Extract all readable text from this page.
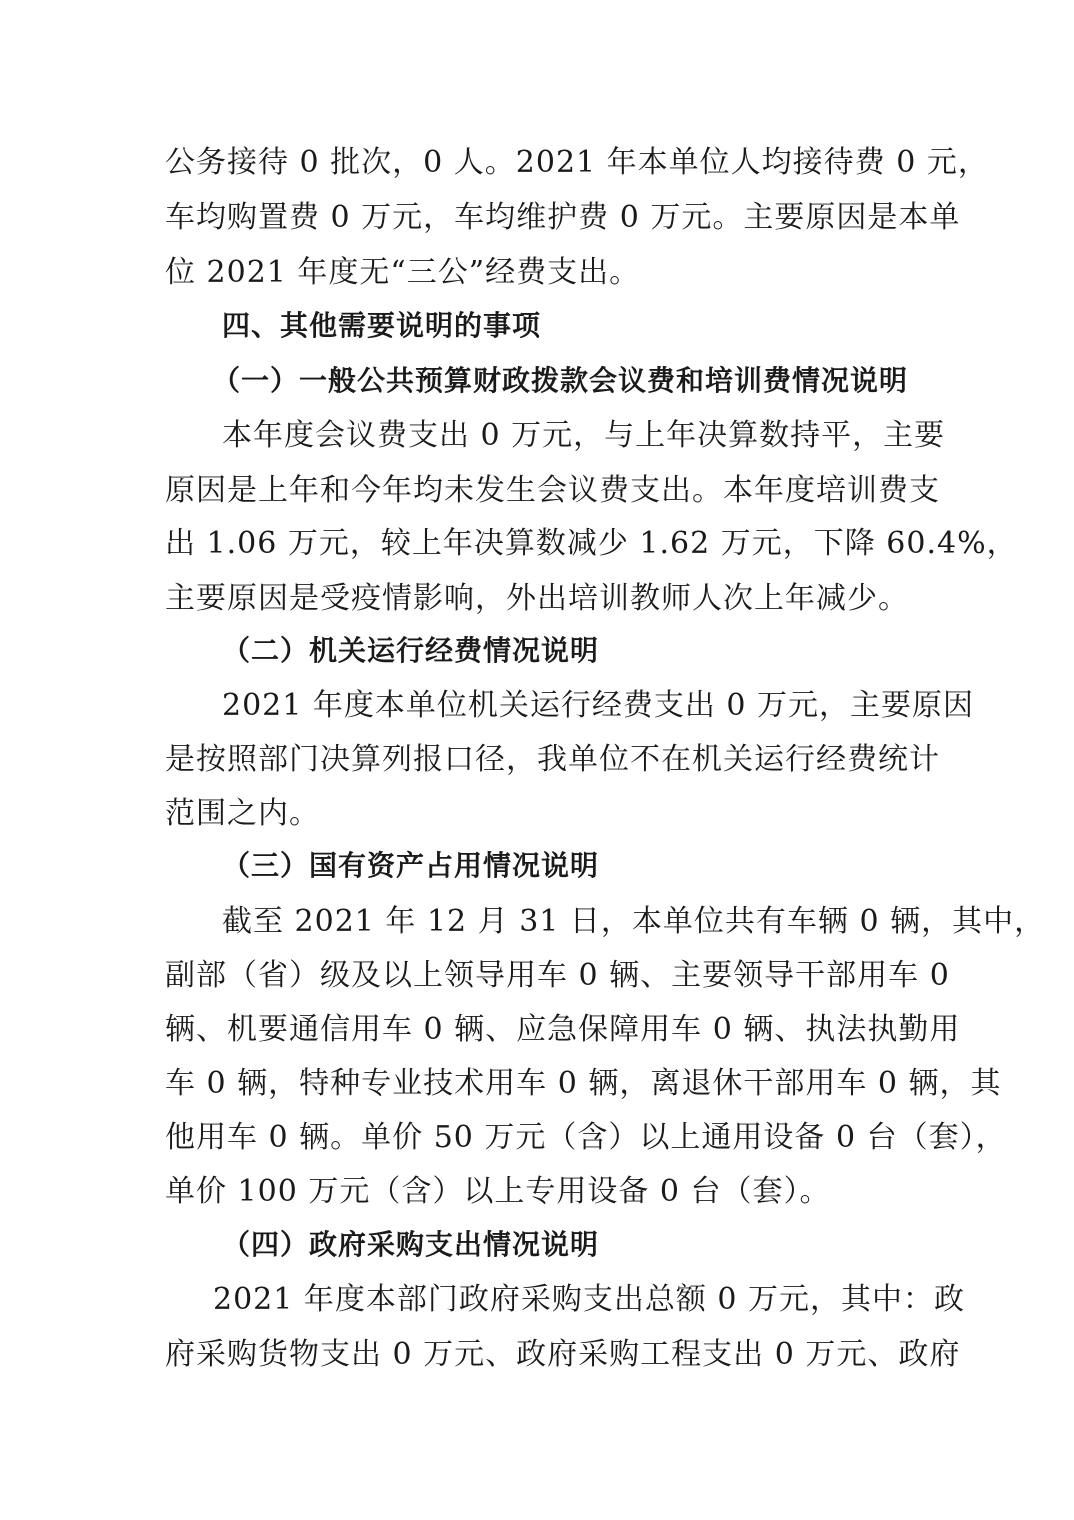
公务接待 0 批次，0 人。2021 年本单位人均接待费 0 元，
车均购置费 0 万元，车均维护费 0 万元。主要原因是本单
位 2021 年度无“三公”经费支出。
四、其他需要说明的事项
（一）一般公共预算财政拨款会议费和培训费情况说明
本年度会议费支出 0 万元，与上年决算数持平，主要
原因是上年和今年均未发生会议费支出。本年度培训费支
出 1.06 万元，较上年决算数减少 1.62 万元，下降 60.4%，
主要原因是受疫情影响，外出培训教师人次上年减少。
（二）机关运行经费情况说明
2021 年度本单位机关运行经费支出 0 万元，主要原因
是按照部门决算列报口径，我单位不在机关运行经费统计
范围之内。
（三）国有资产占用情况说明
截至 2021 年 12 月 31 日，本单位共有车辆 0 辆，其中，
副部（省）级及以上领导用车 0 辆、主要领导干部用车 0
辆、机要通信用车 0 辆、应急保障用车 0 辆、执法执勤用
车 0 辆，特种专业技术用车 0 辆，离退休干部用车 0 辆，其
他用车 0 辆。单价 50 万元（含）以上通用设备 0 台（套），
单价 100 万元（含）以上专用设备 0 台（套）。
（四）政府采购支出情况说明
2021 年度本部门政府采购支出总额 0 万元，其中：政
府采购货物支出 0 万元、政府采购工程支出 0 万元、政府
